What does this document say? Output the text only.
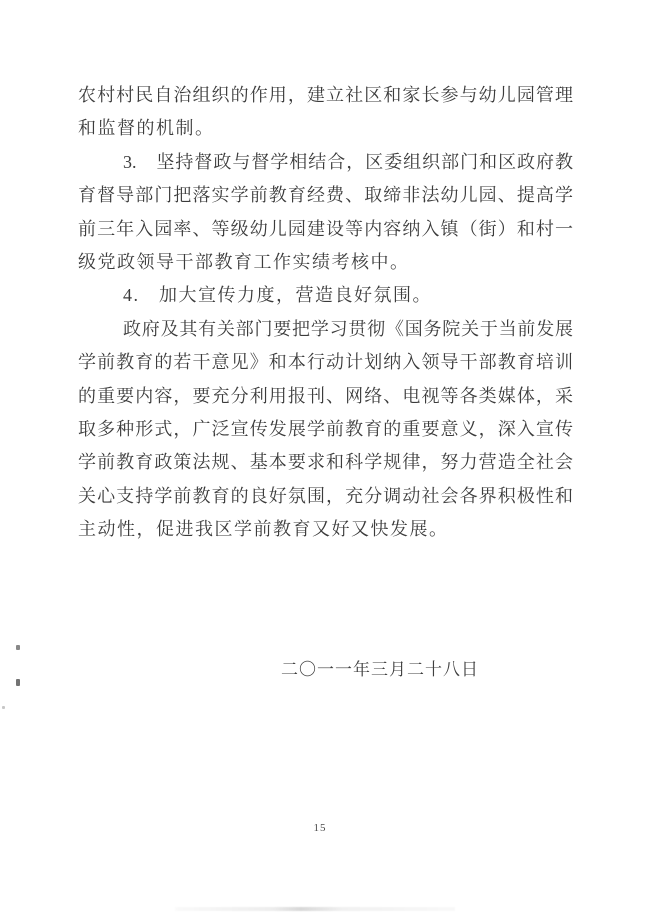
农村村民自治组织的作用，建立社区和家长参与幼儿园管理
和监督的机制。
3.　坚持督政与督学相结合，区委组织部门和区政府教
育督导部门把落实学前教育经费、取缔非法幼儿园、提高学
前三年入园率、等级幼儿园建设等内容纳入镇（街）和村一
级党政领导干部教育工作实绩考核中。
4.　加大宣传力度，营造良好氛围。
政府及其有关部门要把学习贯彻《国务院关于当前发展
学前教育的若干意见》和本行动计划纳入领导干部教育培训
的重要内容，要充分利用报刊、网络、电视等各类媒体，采
取多种形式，广泛宣传发展学前教育的重要意义，深入宣传
学前教育政策法规、基本要求和科学规律，努力营造全社会
关心支持学前教育的良好氛围，充分调动社会各界积极性和
主动性，促进我区学前教育又好又快发展。
二〇一一年三月二十八日
15
